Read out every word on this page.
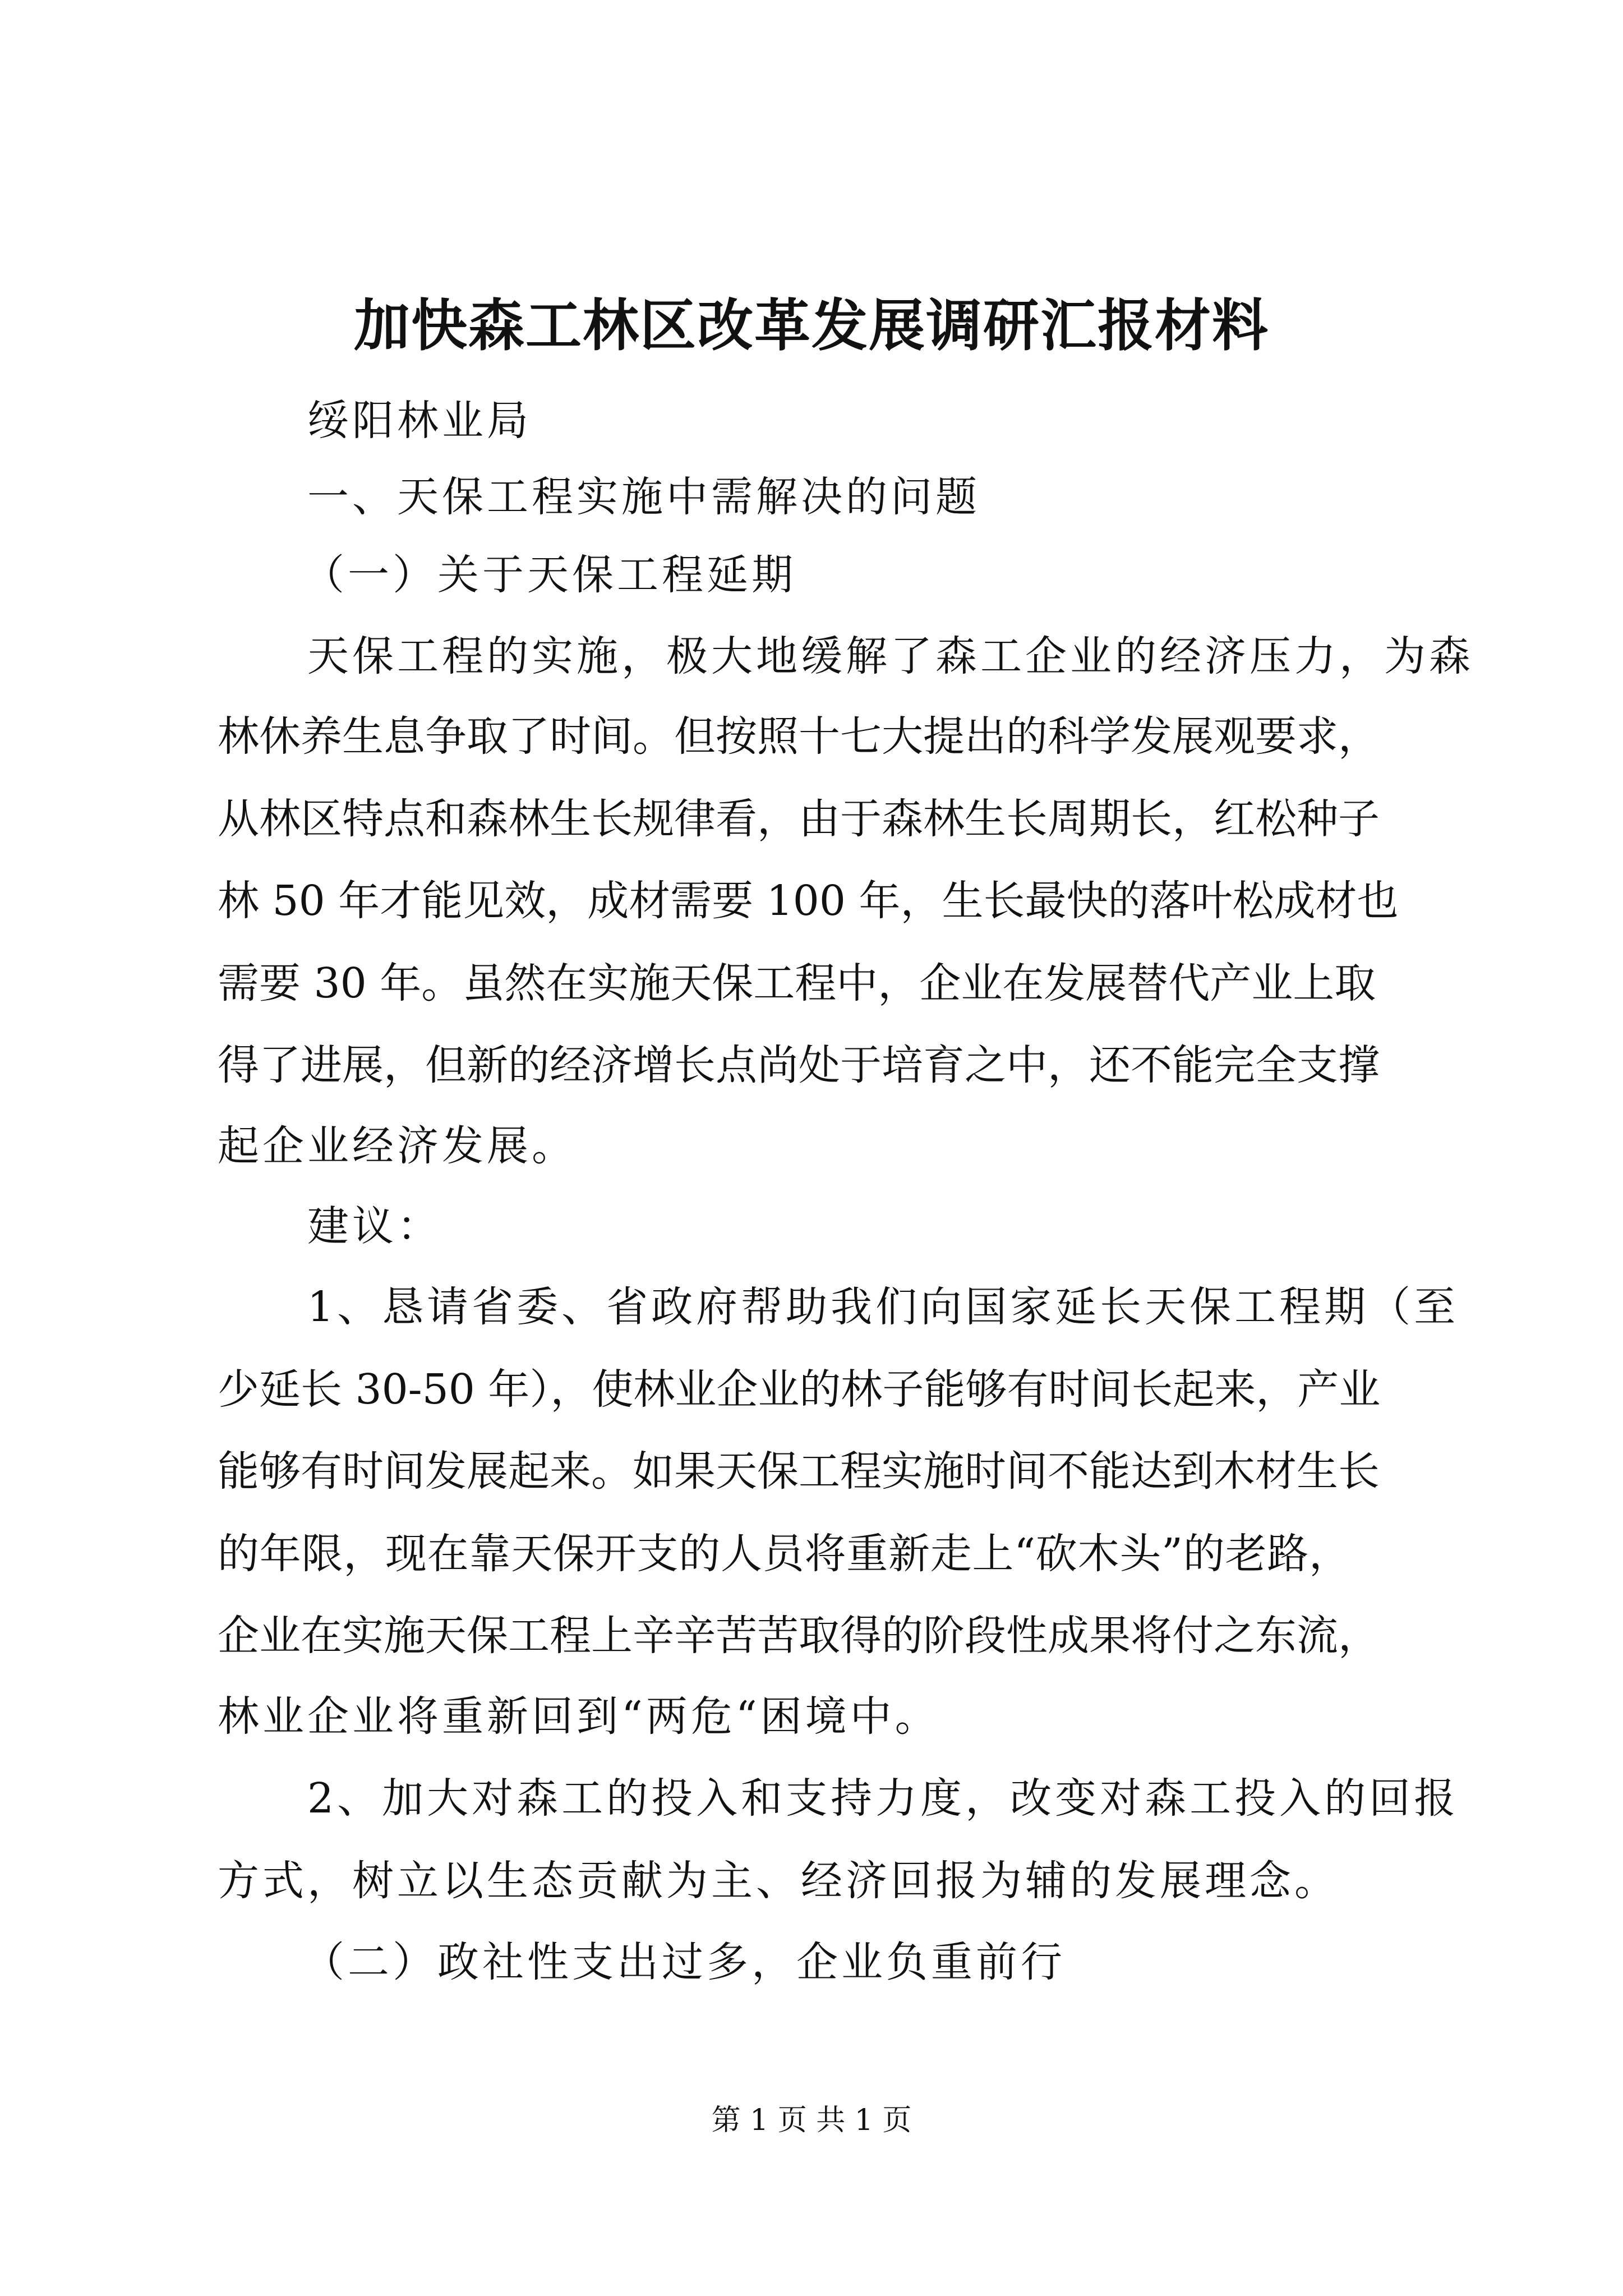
加快森工林区改革发展调研汇报材料
绥阳林业局
一、天保工程实施中需解决的问题
（一）关于天保工程延期
天保工程的实施，极大地缓解了森工企业的经济压力，为森
林休养生息争取了时间。但按照十七大提出的科学发展观要求，
从林区特点和森林生长规律看，由于森林生长周期长，红松种子
林 50 年才能见效，成材需要 100 年，生长最快的落叶松成材也
需要 30 年。虽然在实施天保工程中，企业在发展替代产业上取
得了进展，但新的经济增长点尚处于培育之中，还不能完全支撑
起企业经济发展。
建议：
1、恳请省委、省政府帮助我们向国家延长天保工程期（至
少延长 30-50 年），使林业企业的林子能够有时间长起来，产业
能够有时间发展起来。如果天保工程实施时间不能达到木材生长
的年限，现在靠天保开支的人员将重新走上“砍木头”的老路，
企业在实施天保工程上辛辛苦苦取得的阶段性成果将付之东流，
林业企业将重新回到“两危“困境中。
2、加大对森工的投入和支持力度，改变对森工投入的回报
方式，树立以生态贡献为主、经济回报为辅的发展理念。
（二）政社性支出过多，企业负重前行
第 1 页 共 1 页
